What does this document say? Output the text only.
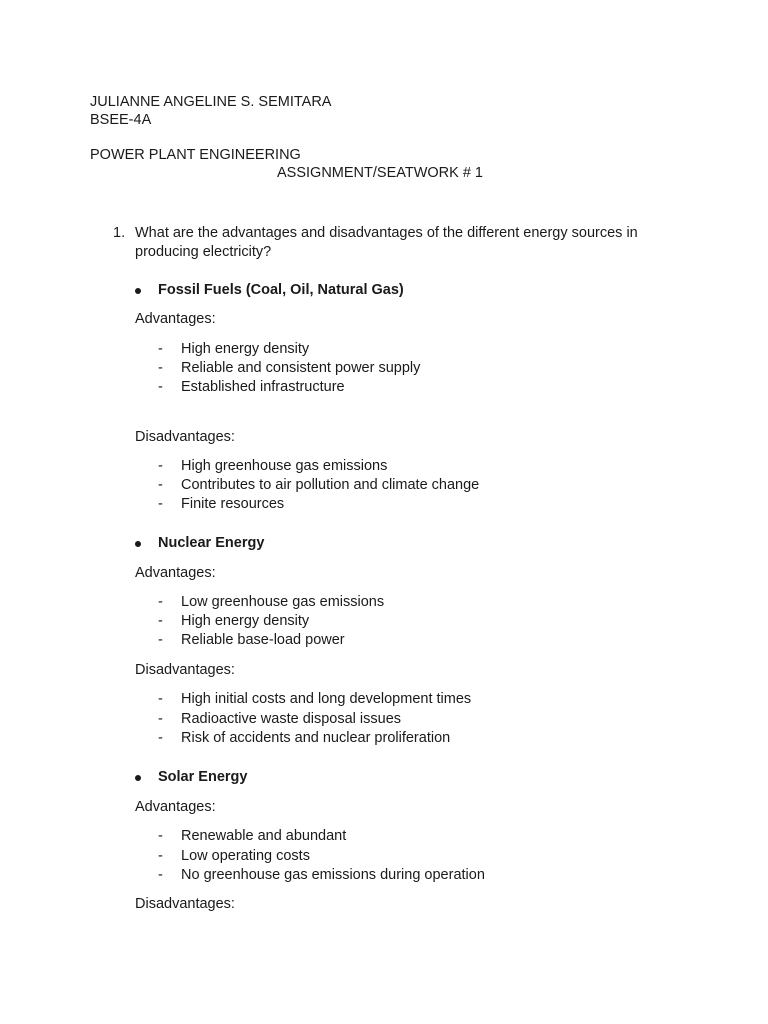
JULIANNE ANGELINE S. SEMITARA
BSEE-4A
POWER PLANT ENGINEERING
ASSIGNMENT/SEATWORK # 1
1. What are the advantages and disadvantages of the different energy sources in
producing electricity?
Fossil Fuels (Coal, Oil, Natural Gas)
Advantages:
- High energy density
- Reliable and consistent power supply
- Established infrastructure
Disadvantages:
- High greenhouse gas emissions
- Contributes to air pollution and climate change
- Finite resources
Nuclear Energy
Advantages:
- Low greenhouse gas emissions
- High energy density
- Reliable base-load power
Disadvantages:
- High initial costs and long development times
- Radioactive waste disposal issues
- Risk of accidents and nuclear proliferation
Solar Energy
Advantages:
- Renewable and abundant
- Low operating costs
- No greenhouse gas emissions during operation
Disadvantages:
